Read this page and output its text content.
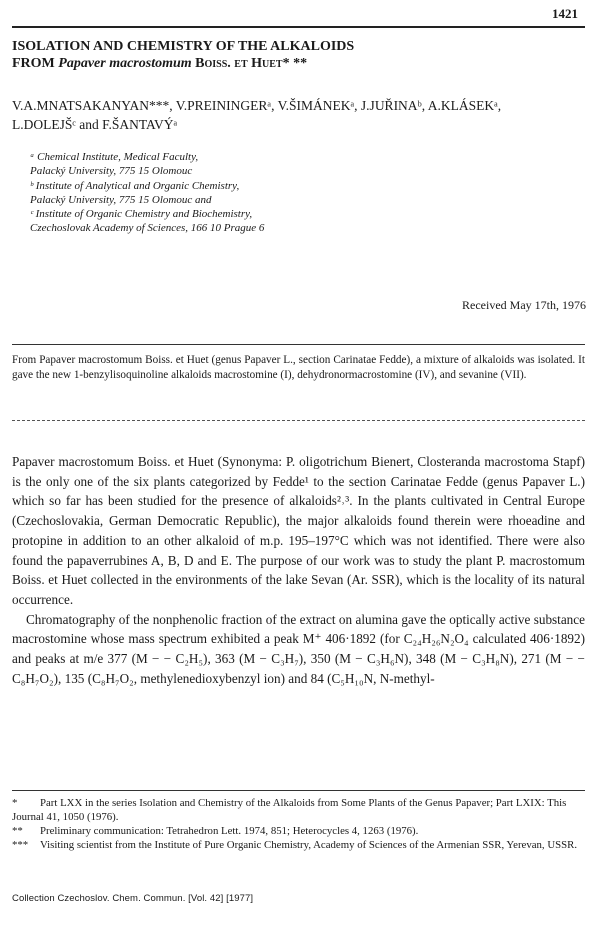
1421
ISOLATION AND CHEMISTRY OF THE ALKALOIDS
FROM Papaver macrostomum Boiss. et Huet* **
V.A.MNATSAKANYAN***, V.PREININGERᵃ, V.ŠIMÁNEKᵃ, J.JUŘINAᵇ, A.KLÁSEKᵃ,
L.DOLEJŠᶜ and F.ŠANTAVÝᵃ
ᵃ Chemical Institute, Medical Faculty,
Palacký University, 775 15 Olomouc
ᵇ Institute of Analytical and Organic Chemistry,
Palacký University, 775 15 Olomouc and
ᶜ Institute of Organic Chemistry and Biochemistry,
Czechoslovak Academy of Sciences, 166 10 Prague 6
Received May 17th, 1976
From Papaver macrostomum Boiss. et Huet (genus Papaver L., section Carinatae Fedde), a mixture of alkaloids was isolated. It gave the new 1-benzylisoquinoline alkaloids macrostomine (I), dehydronormacrostomine (IV), and sevanine (VII).

Papaver macrostomum Boiss. et Huet (Synonyma: P. oligotrichum Bienert, Closteranda macrostoma Stapf) is the only one of the six plants categorized by Fedde¹ to the section Carinatae Fedde (genus Papaver L.) which so far has been studied for the presence of alkaloids²˒³. In the plants cultivated in Central Europe (Czechoslovakia, German Democratic Republic), the major alkaloids found therein were rhoeadine and protopine in addition to an other alkaloid of m.p. 195–197°C which was not identified. There were also found the papaverrubines A, B, D and E. The purpose of our work was to study the plant P. macrostomum Boiss. et Huet collected in the environments of the lake Sevan (Ar. SSR), which is the locality of its natural occurrence.

Chromatography of the nonphenolic fraction of the extract on alumina gave the optically active substance macrostomine whose mass spectrum exhibited a peak M⁺ 406·1892 (for C₂₄H₂₆N₂O₄ calculated 406·1892) and peaks at m/e 377 (M − − C₂H₅), 363 (M − C₃H₇), 350 (M − C₃H₆N), 348 (M − C₃H₈N), 271 (M − − C₈H₇O₂), 135 (C₈H₇O₂, methylenedioxybenzyl ion) and 84 (C₅H₁₀N, N-methyl-

* Part LXX in the series Isolation and Chemistry of the Alkaloids from Some Plants of the Genus Papaver; Part LXIX: This Journal 41, 1050 (1976).
** Preliminary communication: Tetrahedron Lett. 1974, 851; Heterocycles 4, 1263 (1976).
*** Visiting scientist from the Institute of Pure Organic Chemistry, Academy of Sciences of the Armenian SSR, Yerevan, USSR.
Collection Czechoslov. Chem. Commun. [Vol. 42] [1977]
